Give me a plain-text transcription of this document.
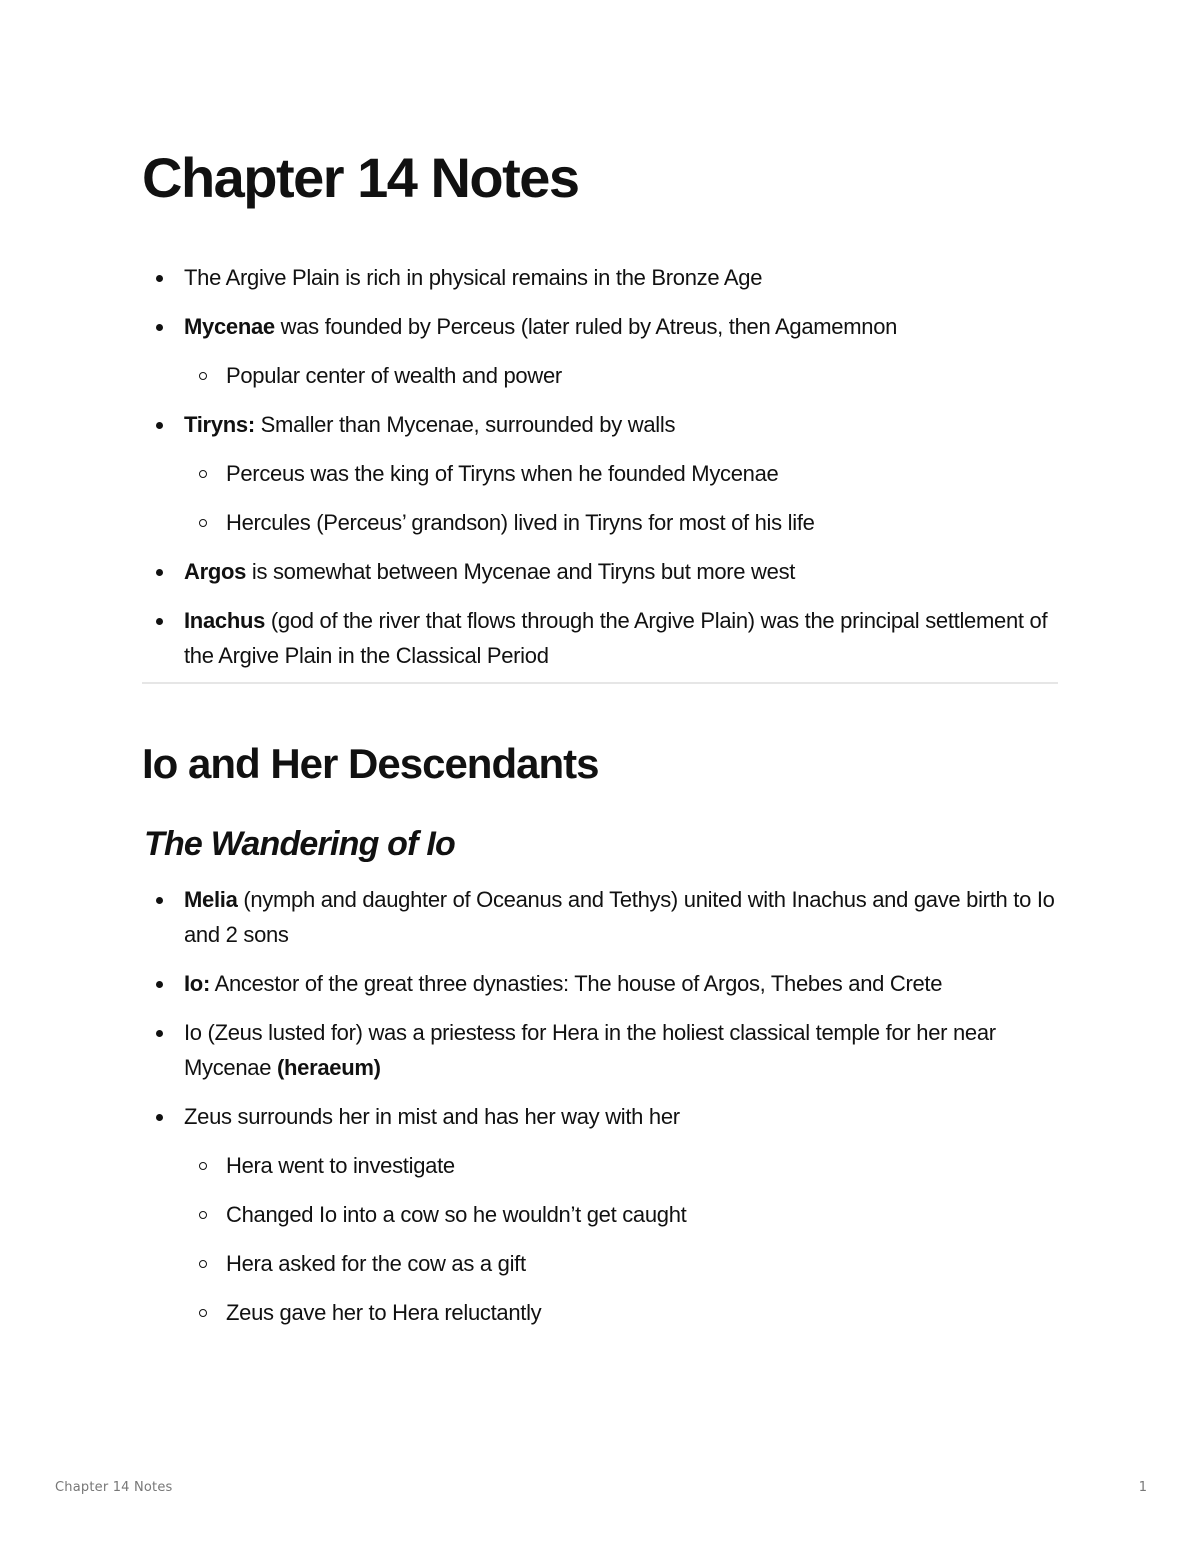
Chapter 14 Notes
The Argive Plain is rich in physical remains in the Bronze Age
Mycenae was founded by Perceus (later ruled by Atreus, then Agamemnon
Popular center of wealth and power
Tiryns: Smaller than Mycenae, surrounded by walls
Perceus was the king of Tiryns when he founded Mycenae
Hercules (Perceus’ grandson) lived in Tiryns for most of his life
Argos is somewhat between Mycenae and Tiryns but more west
Inachus (god of the river that flows through the Argive Plain) was the principal settlement of the Argive Plain in the Classical Period
Io and Her Descendants
The Wandering of Io
Melia (nymph and daughter of Oceanus and Tethys) united with Inachus and gave birth to Io and 2 sons
Io: Ancestor of the great three dynasties: The house of Argos, Thebes and Crete
Io (Zeus lusted for) was a priestess for Hera in the holiest classical temple for her near Mycenae (heraeum)
Zeus surrounds her in mist and has her way with her
Hera went to investigate
Changed Io into a cow so he wouldn’t get caught
Hera asked for the cow as a gift
Zeus gave her to Hera reluctantly
Chapter 14 Notes	1
